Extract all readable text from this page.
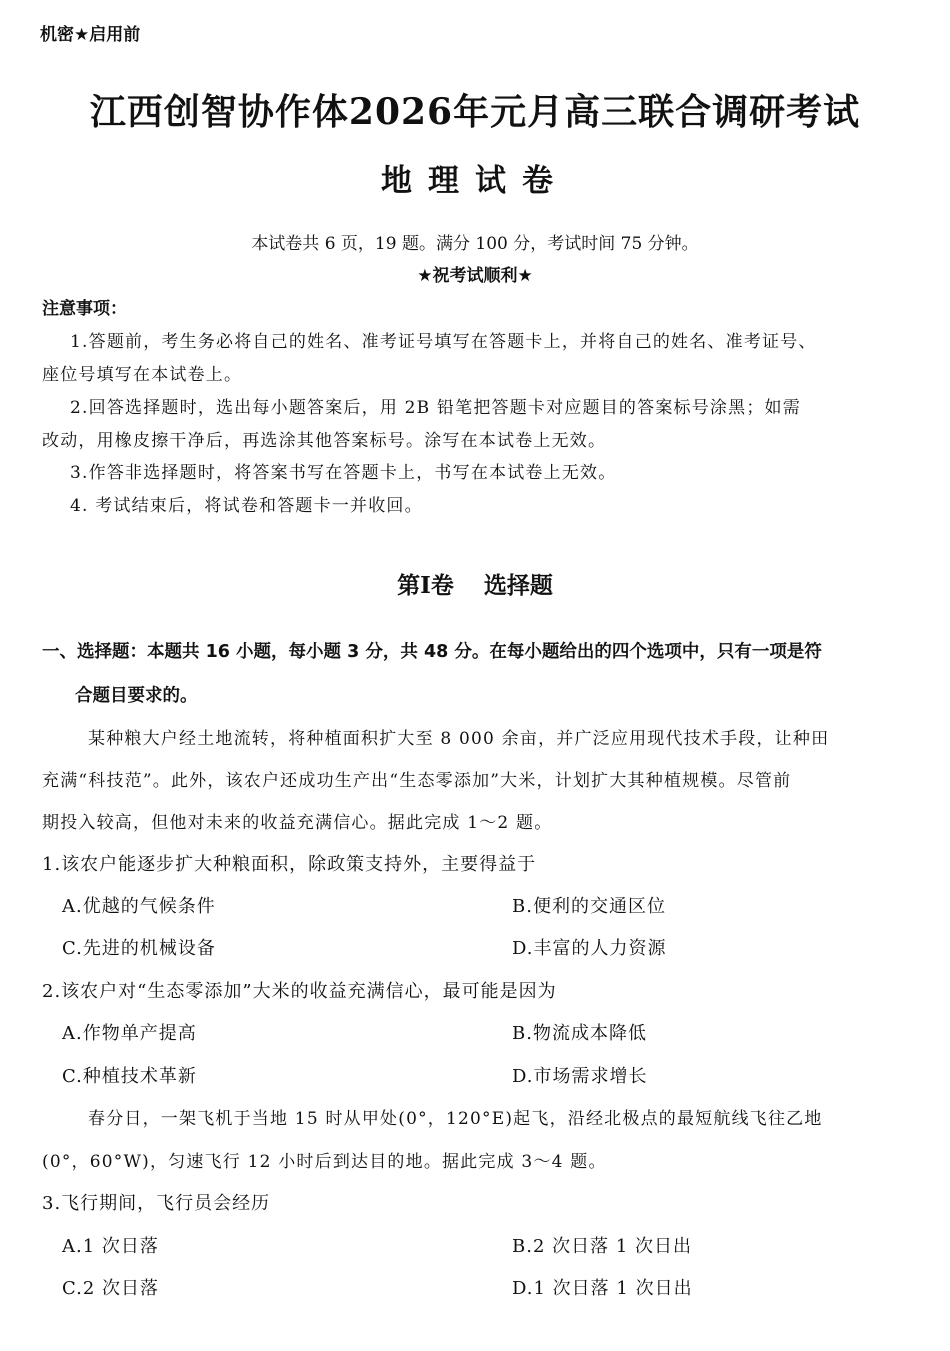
机密★启用前
江西创智协作体2026年元月高三联合调研考试
地理试卷
本试卷共 6 页，19 题。满分 100 分，考试时间 75 分钟。
★祝考试顺利★
注意事项：
1.答题前，考生务必将自己的姓名、准考证号填写在答题卡上，并将自己的姓名、准考证号、
座位号填写在本试卷上。
2.回答选择题时，选出每小题答案后，用 2B 铅笔把答题卡对应题目的答案标号涂黑；如需
改动，用橡皮擦干净后，再选涂其他答案标号。涂写在本试卷上无效。
3.作答非选择题时，将答案书写在答题卡上，书写在本试卷上无效。
4. 考试结束后，将试卷和答题卡一并收回。
第Ⅰ卷 选择题
一、选择题：本题共 16 小题，每小题 3 分，共 48 分。在每小题给出的四个选项中，只有一项是符
合题目要求的。
某种粮大户经土地流转，将种植面积扩大至 8 000 余亩，并广泛应用现代技术手段，让种田
充满“科技范”。此外，该农户还成功生产出“生态零添加”大米，计划扩大其种植规模。尽管前
期投入较高，但他对未来的收益充满信心。据此完成 1～2 题。
1.该农户能逐步扩大种粮面积，除政策支持外，主要得益于
A.优越的气候条件	B.便利的交通区位
C.先进的机械设备	D.丰富的人力资源
2.该农户对“生态零添加”大米的收益充满信心，最可能是因为
A.作物单产提高	B.物流成本降低
C.种植技术革新	D.市场需求增长
春分日，一架飞机于当地 15 时从甲处(0°，120°E)起飞，沿经北极点的最短航线飞往乙地
(0°，60°W)，匀速飞行 12 小时后到达目的地。据此完成 3～4 题。
3.飞行期间，飞行员会经历
A.1 次日落	B.2 次日落 1 次日出
C.2 次日落	D.1 次日落 1 次日出
